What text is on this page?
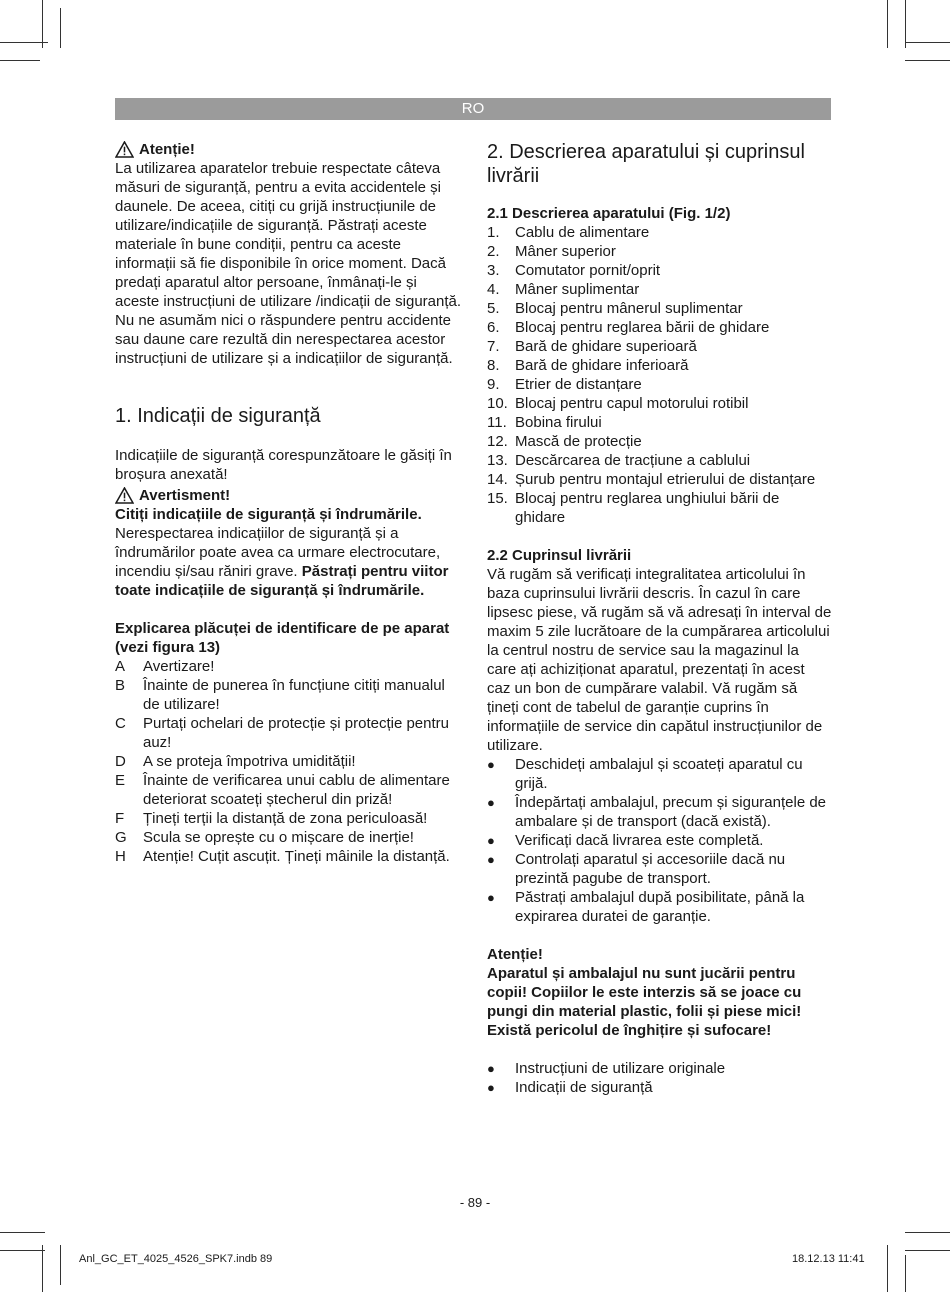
RO
Atenție!

La utilizarea aparatelor trebuie respectate câteva măsuri de siguranță, pentru a evita accidentele și daunele. De aceea, citiți cu grijă instrucțiunile de utilizare/indicațiile de siguranță. Păstrați aceste materiale în bune condiții, pentru ca aceste informații să fie disponibile în orice moment. Dacă predați aparatul altor persoane, înmânați-le și aceste instrucțiuni de utilizare /indicații de siguranță. Nu ne asumăm nici o răspundere pentru accidente sau daune care rezultă din nerespectarea acestor instrucțiuni de utilizare și a indicațiilor de siguranță.

1. Indicații de siguranță

Indicațiile de siguranță corespunzătoare le găsiți în broșura anexată!

Avertisment!

Citiți indicațiile de siguranță și îndrumările. Nerespectarea indicațiilor de siguranță și a îndrumărilor poate avea ca urmare electrocutare, incendiu și/sau răniri grave. Păstrați pentru viitor toate indicațiile de siguranță și îndrumările.

Explicarea plăcuței de identificare de pe aparat (vezi figura 13)

A	Avertizare!
B	Înainte de punerea în funcțiune citiți manualul de utilizare!
C	Purtați ochelari de protecție și protecție pentru auz!
D	A se proteja împotriva umidității!
E	Înainte de verificarea unui cablu de alimentare deteriorat scoateți ștecherul din priză!
F	Țineți terții la distanță de zona periculoasă!
G	Scula se oprește cu o mișcare de inerție!
H	Atenție! Cuțit ascuțit. Țineți mâinile la distanță.
2. Descrierea aparatului și cuprinsul livrării

2.1 Descrierea aparatului (Fig. 1/2)

1.	Cablu de alimentare
2.	Mâner superior
3.	Comutator pornit/oprit
4.	Mâner suplimentar
5.	Blocaj pentru mânerul suplimentar
6.	Blocaj pentru reglarea bării de ghidare
7.	Bară de ghidare superioară
8.	Bară de ghidare inferioară
9.	Etrier de distanțare
10. Blocaj pentru capul motorului rotibil
11. Bobina firului
12. Mască de protecție
13. Descărcarea de tracțiune a cablului
14. Șurub pentru montajul etrierului de distanțare
15. Blocaj pentru reglarea unghiului bării de ghidare

2.2 Cuprinsul livrării

Vă rugăm să verificați integralitatea articolului în baza cuprinsului livrării descris. În cazul în care lipsesc piese, vă rugăm să vă adresați în interval de maxim 5 zile lucrătoare de la cumpărarea articolului la centrul nostru de service sau la magazinul la care ați achiziționat aparatul, prezentați în acest caz un bon de cumpărare valabil. Vă rugăm să țineți cont de tabelul de garanție cuprins în informațiile de service din capătul instrucțiunilor de utilizare.

●	Deschideți ambalajul și scoateți aparatul cu grijă.
●	Îndepărtați ambalajul, precum și siguranțele de ambalare și de transport (dacă există).
●	Verificați dacă livrarea este completă.
●	Controlați aparatul și accesoriile dacă nu prezintă pagube de transport.
●	Păstrați ambalajul după posibilitate, până la expirarea duratei de garanție.

Atenție!

Aparatul și ambalajul nu sunt jucării pentru copii! Copiilor le este interzis să se joace cu pungi din material plastic, folii și piese mici! Există pericolul de înghițire și sufocare!

●	Instrucțiuni de utilizare originale
●	Indicații de siguranță
- 89 -
Anl_GC_ET_4025_4526_SPK7.indb 89	18.12.13 11:41
